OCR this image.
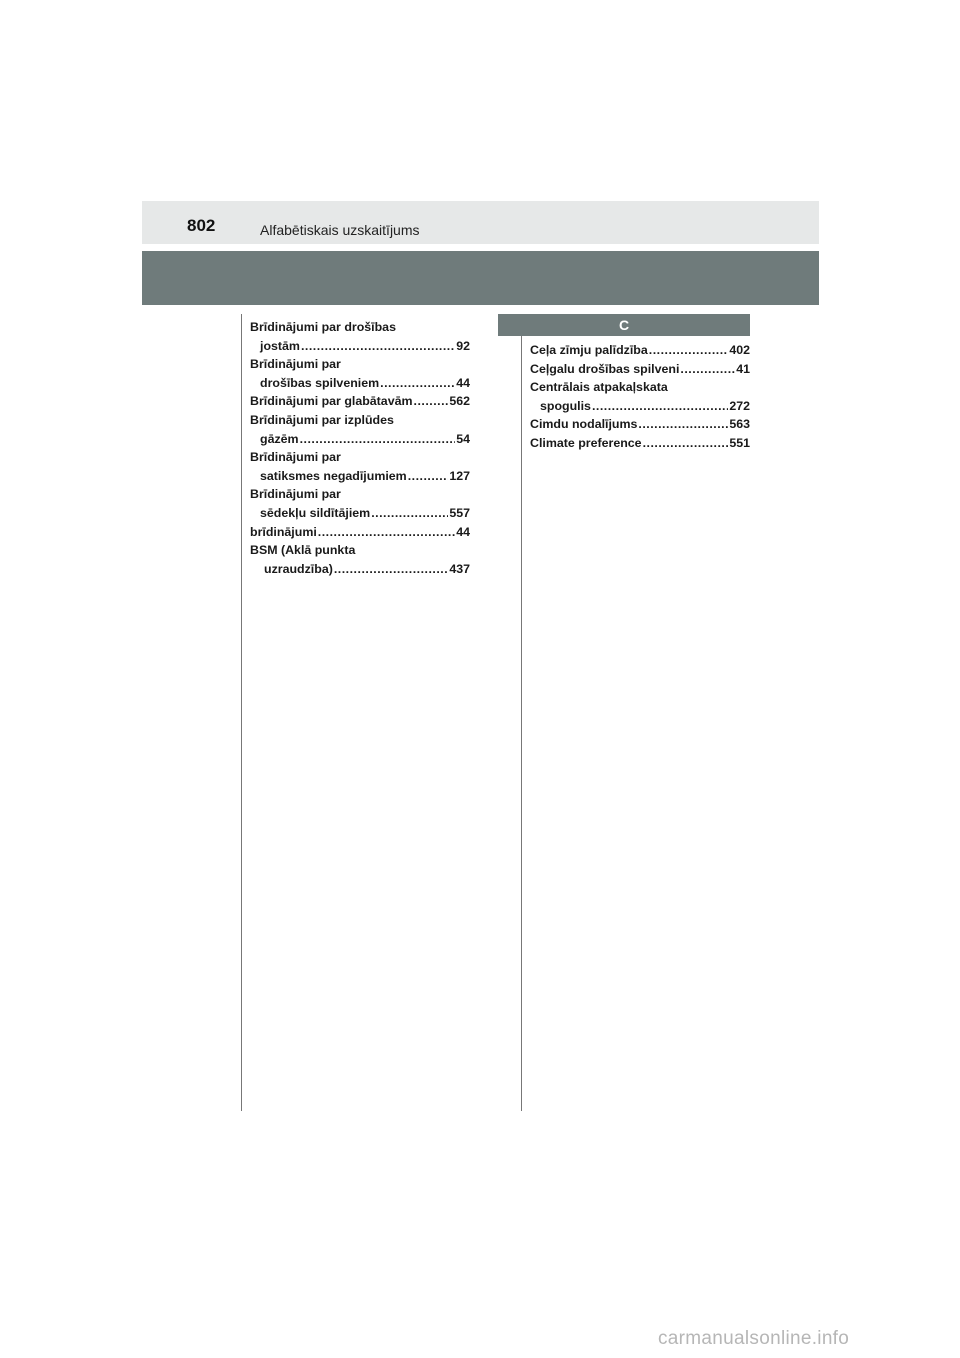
802	Alfabētiskais uzskaitījums
Brīdinājumi par drošības
jostām .....	92
Brīdinājumi par
drošības spilveniem .....	44
Brīdinājumi par glabātavām .....	562
Brīdinājumi par izplūdes
gāzēm .....	54
Brīdinājumi par
satiksmes negadījumiem .....	127
Brīdinājumi par
sēdekļu sildītājiem .....	557
brīdinājumi .....	44
BSM (Aklā punkta
uzraudzība) .....	437
C
Ceļa zīmju palīdzība .....	402
Ceļgalu drošības spilveni .....	41
Centrālais atpakaļskata
spogulis .....	272
Cimdu nodalījums .....	563
Climate preference .....	551
carmanualsonline.info
